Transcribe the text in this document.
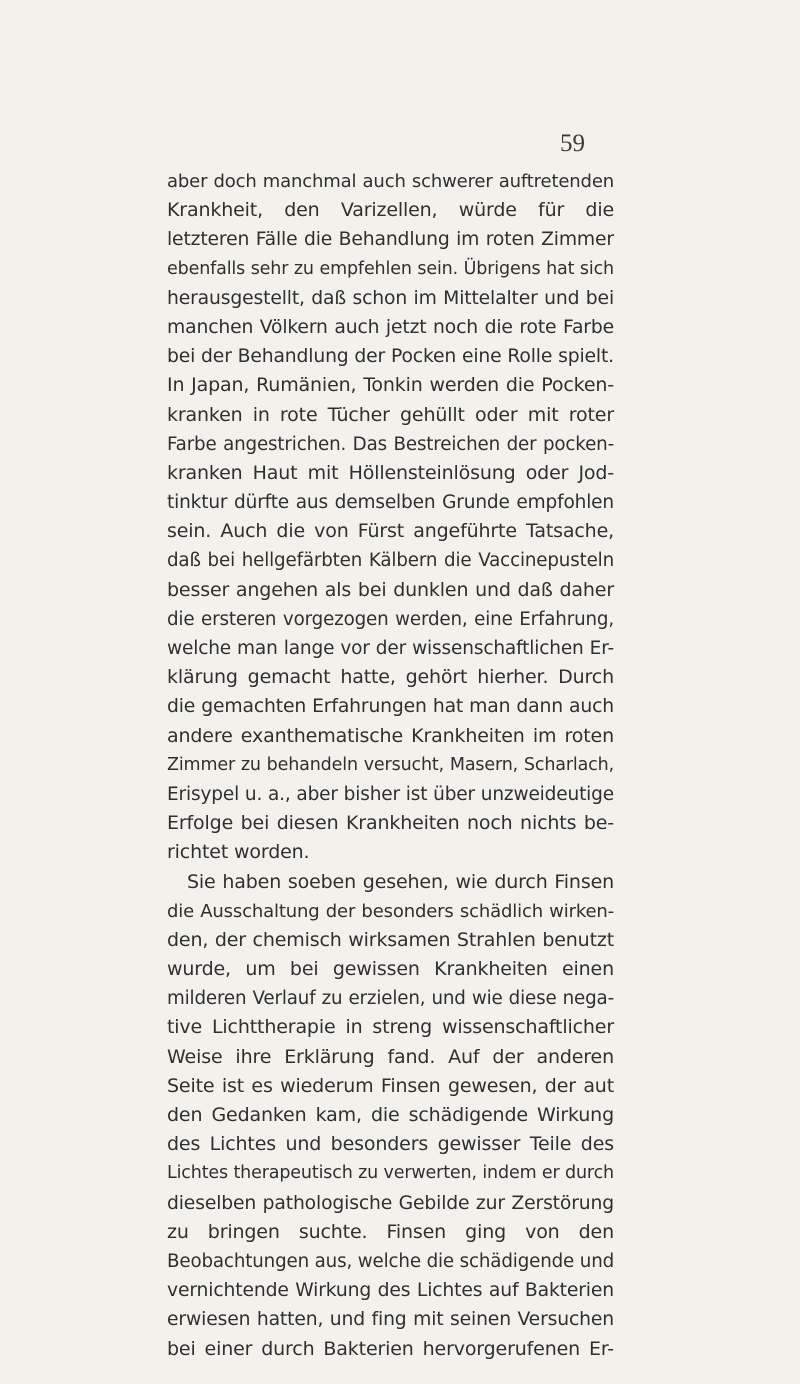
59
aber doch manchmal auch schwerer auftretenden
Krankheit, den Varizellen, würde für die
letzteren Fälle die Behandlung im roten Zimmer
ebenfalls sehr zu empfehlen sein. Übrigens hat sich
herausgestellt, daß schon im Mittelalter und bei
manchen Völkern auch jetzt noch die rote Farbe
bei der Behandlung der Pocken eine Rolle spielt.
In Japan, Rumänien, Tonkin werden die Pocken-
kranken in rote Tücher gehüllt oder mit roter
Farbe angestrichen. Das Bestreichen der pocken-
kranken Haut mit Höllensteinlösung oder Jod-
tinktur dürfte aus demselben Grunde empfohlen
sein. Auch die von Fürst angeführte Tatsache,
daß bei hellgefärbten Kälbern die Vaccinepusteln
besser angehen als bei dunklen und daß daher
die ersteren vorgezogen werden, eine Erfahrung,
welche man lange vor der wissenschaftlichen Er-
klärung gemacht hatte, gehört hierher. Durch
die gemachten Erfahrungen hat man dann auch
andere exanthematische Krankheiten im roten
Zimmer zu behandeln versucht, Masern, Scharlach,
Erisypel u. a., aber bisher ist über unzweideutige
Erfolge bei diesen Krankheiten noch nichts be-
richtet worden.
Sie haben soeben gesehen, wie durch Finsen
die Ausschaltung der besonders schädlich wirken-
den, der chemisch wirksamen Strahlen benutzt
wurde, um bei gewissen Krankheiten einen
milderen Verlauf zu erzielen, und wie diese nega-
tive Lichttherapie in streng wissenschaftlicher
Weise ihre Erklärung fand. Auf der anderen
Seite ist es wiederum Finsen gewesen, der aut
den Gedanken kam, die schädigende Wirkung
des Lichtes und besonders gewisser Teile des
Lichtes therapeutisch zu verwerten, indem er durch
dieselben pathologische Gebilde zur Zerstörung
zu bringen suchte. Finsen ging von den
Beobachtungen aus, welche die schädigende und
vernichtende Wirkung des Lichtes auf Bakterien
erwiesen hatten, und fing mit seinen Versuchen
bei einer durch Bakterien hervorgerufenen Er-
